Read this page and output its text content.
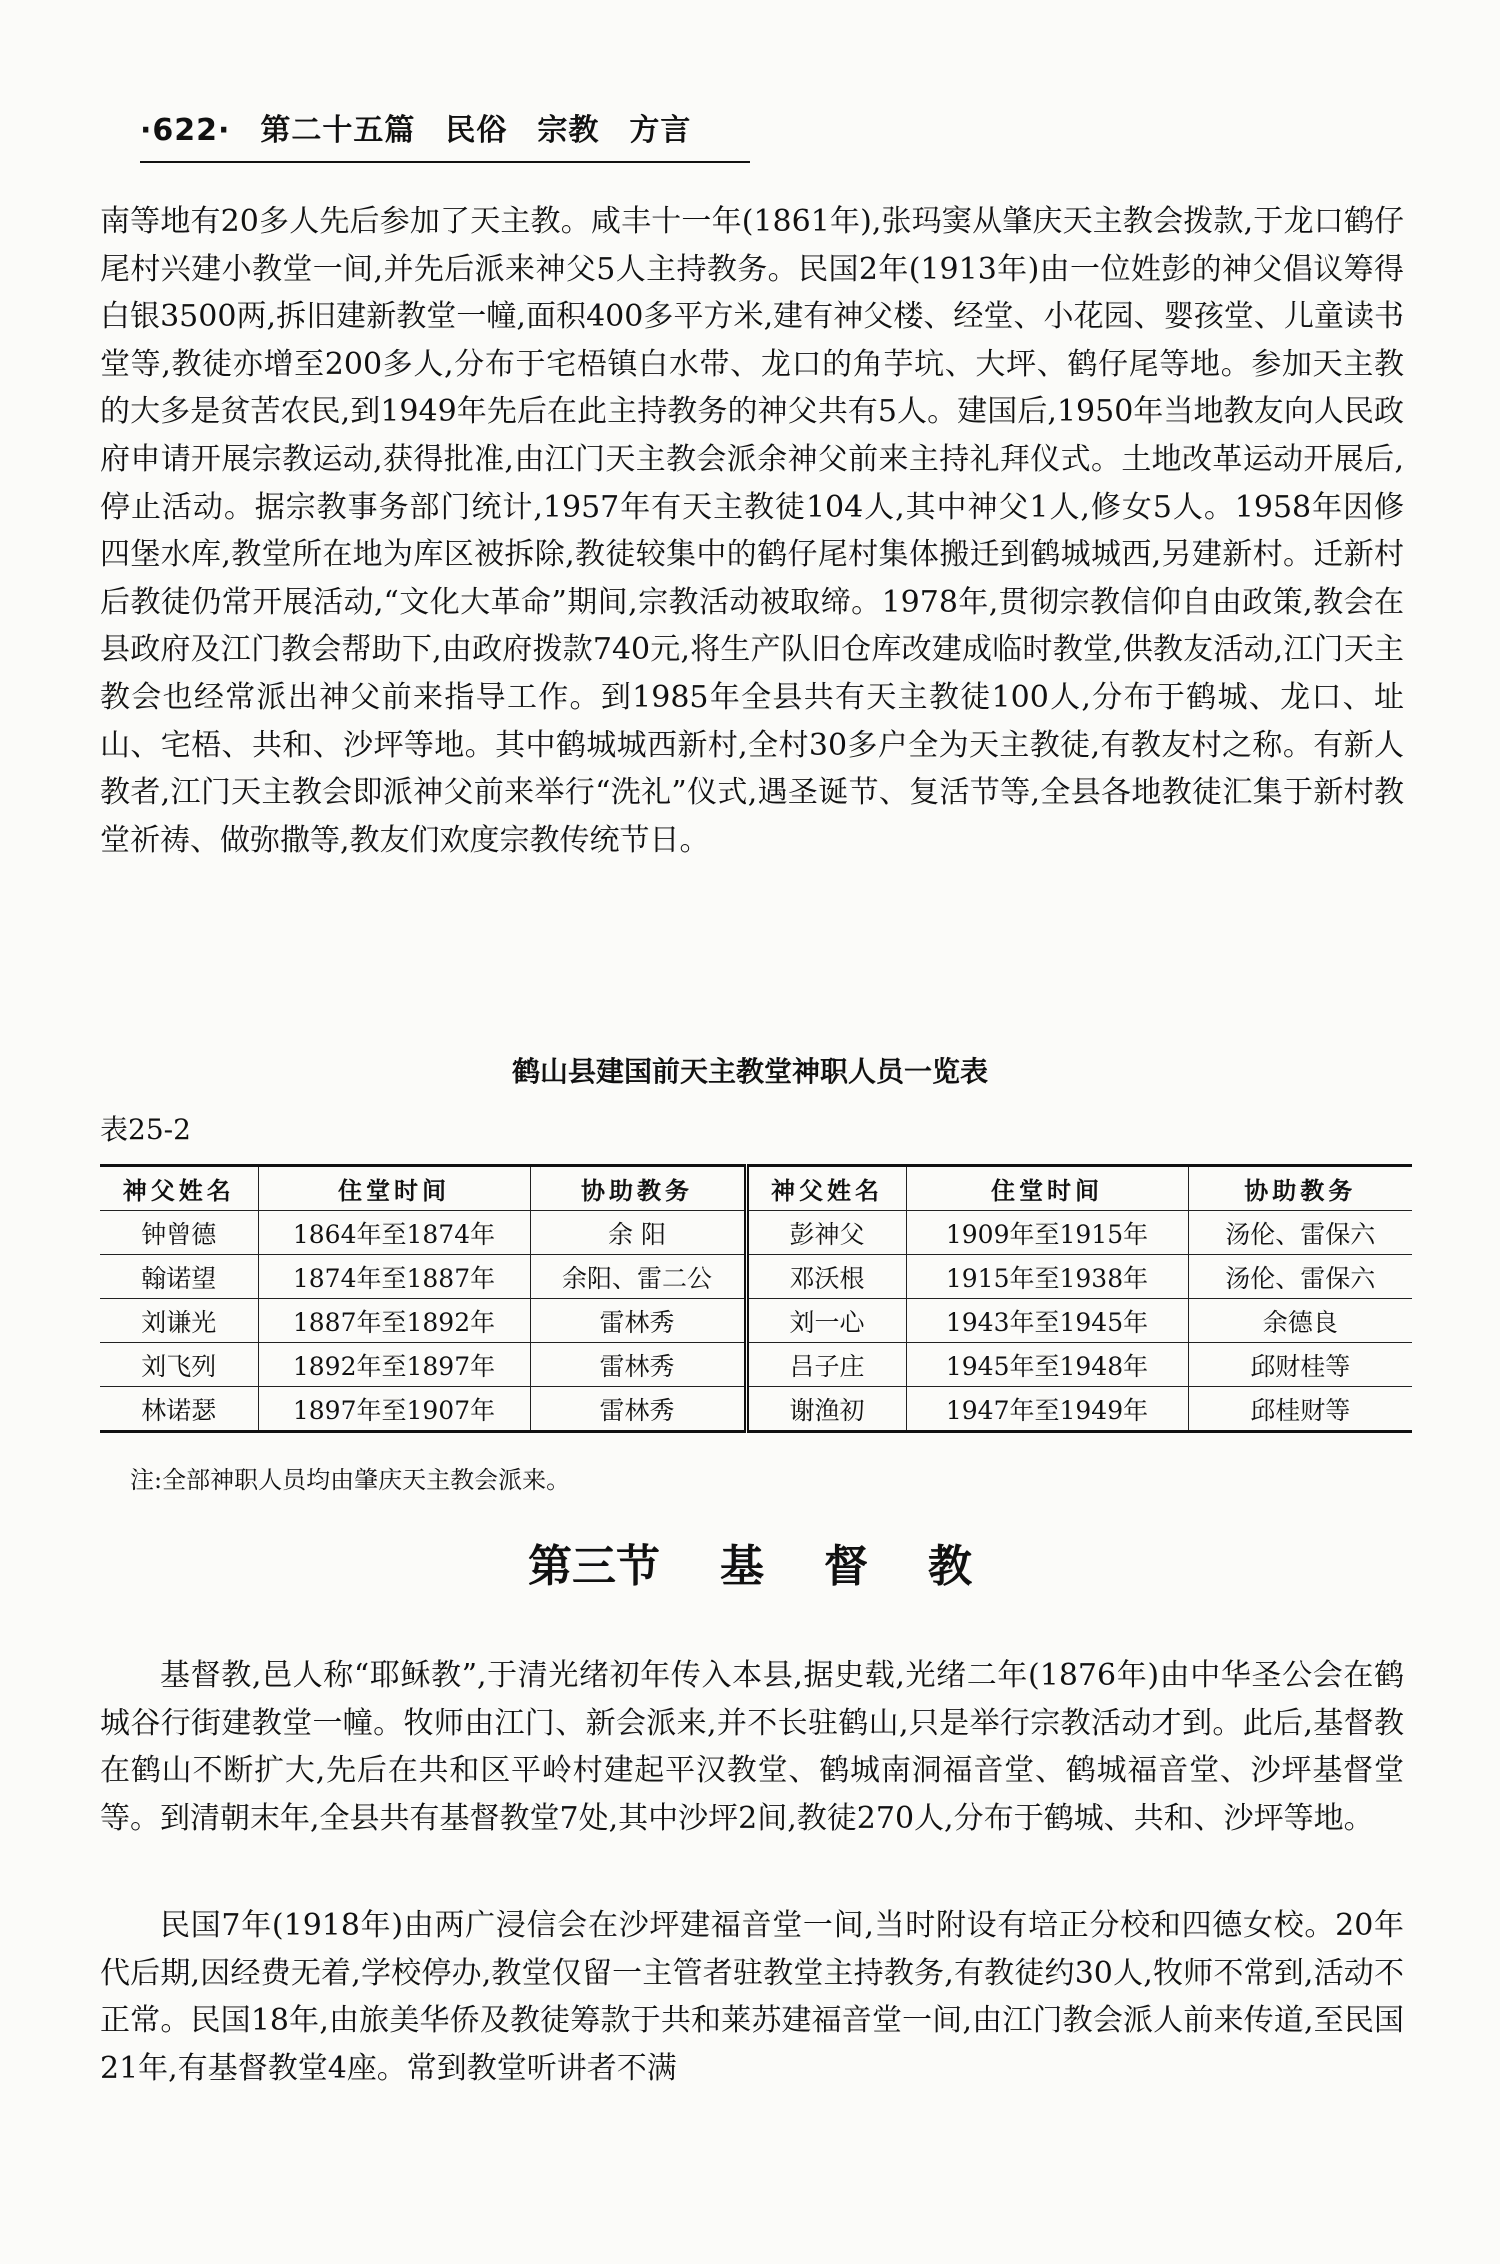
·622· 第二十五篇 民俗 宗教 方言
南等地有20多人先后参加了天主教。咸丰十一年(1861年),张玛窦从肇庆天主教会拨款,于龙口鹤仔尾村兴建小教堂一间,并先后派来神父5人主持教务。民国2年(1913年)由一位姓彭的神父倡议筹得白银3500两,拆旧建新教堂一幢,面积400多平方米,建有神父楼、经堂、小花园、婴孩堂、儿童读书堂等,教徒亦增至200多人,分布于宅梧镇白水带、龙口的角芋坑、大坪、鹤仔尾等地。参加天主教的大多是贫苦农民,到1949年先后在此主持教务的神父共有5人。建国后,1950年当地教友向人民政府申请开展宗教运动,获得批准,由江门天主教会派余神父前来主持礼拜仪式。土地改革运动开展后,停止活动。据宗教事务部门统计,1957年有天主教徒104人,其中神父1人,修女5人。1958年因修 四堡水库,教堂所在地为库区被拆除,教徒较集中的鹤仔尾村集体搬迁到鹤城城西,另建新村。迁新村后教徒仍常开展活动,“文化大革命”期间,宗教活动被取缔。1978年,贯彻宗教信仰自由政策,教会在县政府及江门教会帮助下,由政府拨款740元,将生产队旧仓库改建成临时教堂,供教友活动,江门天主教会也经常派出神父前来指导工作。到1985年全县共有天主教徒100人,分布于鹤城、龙口、址山、宅梧、共和、沙坪等地。其中鹤城城西新村,全村30多户全为天主教徒,有教友村之称。有新人教者,江门天主教会即派神父前来举行“洗礼”仪式,遇圣诞节、复活节等,全县各地教徒汇集于新村教堂祈祷、做弥撒等,教友们欢度宗教传统节日。
鹤山县建国前天主教堂神职人员一览表
表25-2
神父姓名	住堂时间	协助教务	神父姓名	住堂时间	协助教务
钟曾德	1864年至1874年	余 阳	彭神父	1909年至1915年	汤伦、雷保六
翰诺望	1874年至1887年	余阳、雷二公	邓沃根	1915年至1938年	汤伦、雷保六
刘谦光	1887年至1892年	雷林秀	刘一心	1943年至1945年	余德良
刘飞列	1892年至1897年	雷林秀	吕子庄	1945年至1948年	邱财桂等
林诺瑟	1897年至1907年	雷林秀	谢渔初	1947年至1949年	邱桂财等
注:全部神职人员均由肇庆天主教会派来。
第三节 基 督 教
基督教,邑人称“耶稣教”,于清光绪初年传入本县,据史载,光绪二年(1876年)由中华圣公会在鹤城谷行街建教堂一幢。牧师由江门、新会派来,并不长驻鹤山,只是举行宗教活动才到。此后,基督教在鹤山不断扩大,先后在共和区平岭村建起平汉教堂、鹤城南洞福音堂、鹤城福音堂、沙坪基督堂等。到清朝末年,全县共有基督教堂7处,其中沙坪2间,教徒270人,分布于鹤城、共和、沙坪等地。
民国7年(1918年)由两广浸信会在沙坪建福音堂一间,当时附设有培正分校和四德女校。20年代后期,因经费无着,学校停办,教堂仅留一主管者驻教堂主持教务,有教徒约30人,牧师不常到,活动不正常。民国18年,由旅美华侨及教徒筹款于共和莱苏建福音堂一间,由江门教会派人前来传道,至民国21年,有基督教堂4座。常到教堂听讲者不满
